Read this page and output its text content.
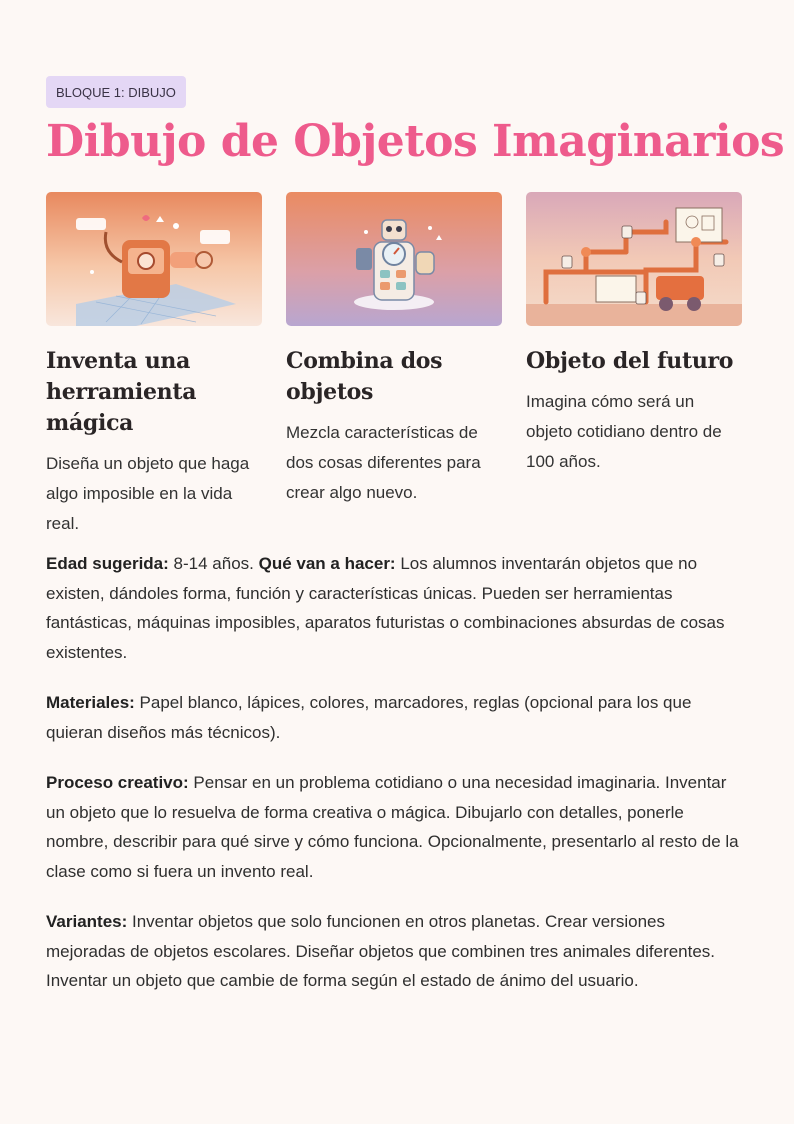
BLOQUE 1: DIBUJO
Dibujo de Objetos Imaginarios
Inventa una herramienta mágica

Diseña un objeto que haga algo imposible en la vida real.

Combina dos objetos

Mezcla características de dos cosas diferentes para crear algo nuevo.

Objeto del futuro

Imagina cómo será un objeto cotidiano dentro de 100 años.

Edad sugerida: 8-14 años. Qué van a hacer: Los alumnos inventarán objetos que no existen, dándoles forma, función y características únicas. Pueden ser herramientas fantásticas, máquinas imposibles, aparatos futuristas o combinaciones absurdas de cosas existentes.

Materiales: Papel blanco, lápices, colores, marcadores, reglas (opcional para los que quieran diseños más técnicos).

Proceso creativo: Pensar en un problema cotidiano o una necesidad imaginaria. Inventar un objeto que lo resuelva de forma creativa o mágica. Dibujarlo con detalles, ponerle nombre, describir para qué sirve y cómo funciona. Opcionalmente, presentarlo al resto de la clase como si fuera un invento real.

Variantes: Inventar objetos que solo funcionen en otros planetas. Crear versiones mejoradas de objetos escolares. Diseñar objetos que combinen tres animales diferentes. Inventar un objeto que cambie de forma según el estado de ánimo del usuario.
